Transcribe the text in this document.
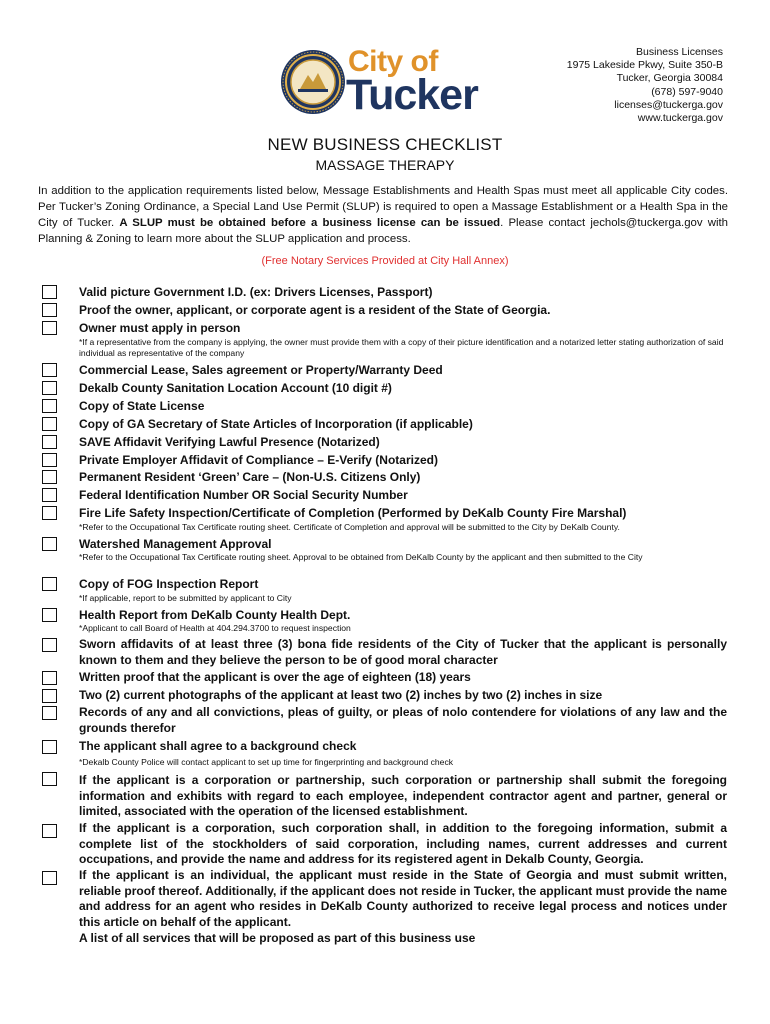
City of
Tucker
Business Licenses
1975 Lakeside Pkwy, Suite 350-B
Tucker, Georgia 30084
(678) 597-9040
licenses@tuckerga.gov
www.tuckerga.gov
NEW BUSINESS CHECKLIST
MASSAGE THERAPY
In addition to the application requirements listed below, Message Establishments and Health Spas must meet all applicable City codes. Per Tucker’s Zoning Ordinance, a Special Land Use Permit (SLUP) is required to open a Massage Establishment or a Health Spa in the City of Tucker. A SLUP must be obtained before a business license can be issued. Please contact jechols@tuckerga.gov with Planning & Zoning to learn more about the SLUP application and process.
(Free Notary Services Provided at City Hall Annex)
Valid picture Government I.D. (ex: Drivers Licenses, Passport)
Proof the owner, applicant, or corporate agent is a resident of the State of Georgia.
Owner must apply in person
*If a representative from the company is applying, the owner must provide them with a copy of their picture identification and a notarized letter stating authorization of said individual as representative of the company
Commercial Lease, Sales agreement or Property/Warranty Deed
Dekalb County Sanitation Location Account (10 digit #)
Copy of State License
Copy of GA Secretary of State Articles of Incorporation (if applicable)
SAVE Affidavit Verifying Lawful Presence (Notarized)
Private Employer Affidavit of Compliance – E-Verify (Notarized)
Permanent Resident ‘Green’ Care – (Non-U.S. Citizens Only)
Federal Identification Number OR Social Security Number
Fire Life Safety Inspection/Certificate of Completion (Performed by DeKalb County Fire Marshal)
*Refer to the Occupational Tax Certificate routing sheet. Certificate of Completion and approval will be submitted to the City by DeKalb County.
Watershed Management Approval
*Refer to the Occupational Tax Certificate routing sheet. Approval to be obtained from DeKalb County by the applicant and then submitted to the City
Copy of FOG Inspection Report
*If applicable, report to be submitted by applicant to City
Health Report from DeKalb County Health Dept.
*Applicant to call Board of Health at 404.294.3700 to request inspection
Sworn affidavits of at least three (3) bona fide residents of the City of Tucker that the applicant is personally known to them and they believe the person to be of good moral character
Written proof that the applicant is over the age of eighteen (18) years
Two (2) current photographs of the applicant at least two (2) inches by two (2) inches in size
Records of any and all convictions, pleas of guilty, or pleas of nolo contendere for violations of any law and the grounds therefor
The applicant shall agree to a background check
*Dekalb County Police will contact applicant to set up time for fingerprinting and background check
If the applicant is a corporation or partnership, such corporation or partnership shall submit the foregoing information and exhibits with regard to each employee, independent contractor agent and partner, general or limited, associated with the operation of the licensed establishment.
If the applicant is a corporation, such corporation shall, in addition to the foregoing information, submit a complete list of the stockholders of said corporation, including names, current addresses and current occupations, and provide the name and address for its registered agent in Dekalb County, Georgia.
If the applicant is an individual, the applicant must reside in the State of Georgia and must submit written, reliable proof thereof. Additionally, if the applicant does not reside in Tucker, the applicant must provide the name and address for an agent who resides in DeKalb County authorized to receive legal process and notices under this article on behalf of the applicant.
A list of all services that will be proposed as part of this business use
